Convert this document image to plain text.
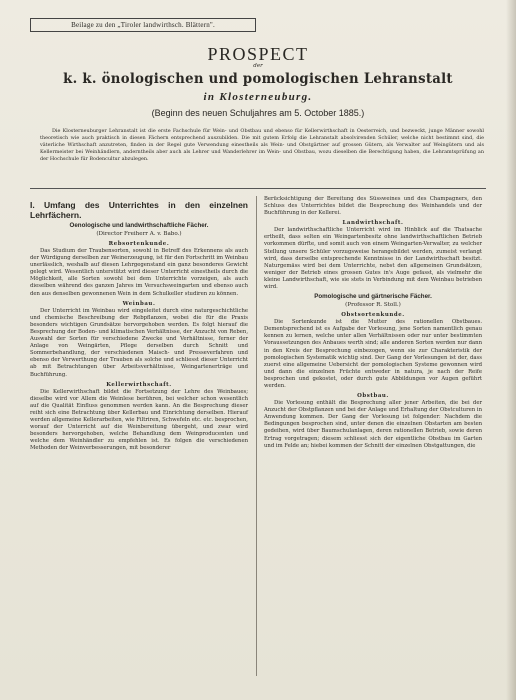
Beilage zu den „Tiroler landwirthsch. Blättern".
PROSPECT
der
k. k. önologischen und pomologischen Lehranstalt
in Klosterneuburg.
(Beginn des neuen Schuljahres am 5. October 1885.)
Die Klosterneuburger Lehranstalt ist die erste Fachschule für Wein- und Obstbau und ebenso für Kellerwirthschaft in Oesterreich, und bezweckt, junge Männer sowohl theoretisch wie auch praktisch in diesen Fächern entsprechend auszubilden. Die mit gutem Erfolg die Lehranstalt absolvirenden Schüler, welche nicht bestimmt sind, die väterliche Wirthschaft anzutreten, finden in der Regel gute Verwendung einestheils als Wein- und Obstgärtner auf grossen Gütern, als Verwalter auf Weingütern und als Kellermeister bei Weinhändlern, anderntheils aber auch als Lehrer und Wanderlehrer im Wein- und Obstbau, wozu dieselben die Berechtigung haben, die Lehramtsprüfung an der Hochschule für Bodencultur abzulegen.
I. Umfang des Unterrichtes in den einzelnen Lehrfächern.
Oenologische und landwirthschaftliche Fächer.
(Director Freiherr A. v. Babo.)
Rebsortenkunde.

Das Studium der Traubensorten, sowohl in Betreff des Erkennens als auch der Würdigung derselben zur Weinerzeugung, ist für den Fortschritt im Weinbau unerlässlich, weshalb auf diesen Lehrgegenstand ein ganz besonderes Gewicht gelegt wird. Wesentlich unterstützt wird dieser Unterricht einestheils durch die Möglichkeit, alle Sorten sowohl bei dem Unterrichte vorzeigen, als auch dieselben während des ganzen Jahres im Versuchsweingarten und ebenso auch den aus denselben gewonnenen Wein in dem Schulkeller studiren zu können.

Weinbau.

Der Unterricht im Weinbau wird eingeleitet durch eine naturgeschichtliche und chemische Beschreibung der Rebpflanzen, wobei die für die Praxis besonders wichtigen Grundsätze hervorgehoben werden. Es folgt hierauf die Besprechung der Boden- und klimatischen Verhältnisse, der Anzucht von Reben, Auswahl der Sorten für verschiedene Zwecke und Verhältnisse, ferner der Anlage von Weingärten, Pflege derselben durch Schnitt und Sommerbehandlung, der verschiedenen Maisch- und Presseverfahren und ebenso der Verwerthung der Trauben als solche und schliesst dieser Unterricht ab mit Betrachtungen über Arbeitsverhältnisse, Weingartenerträge und Buchführung.

Kellerwirthschaft.

Die Kellerwirthschaft bildet die Fortsetzung der Lehre des Weinbaues; dieselbe wird vor Allem die Weinlese berühren, bei welcher schon wesentlich auf die Qualität Einfluss genommen werden kann. An die Besprechung dieser reiht sich eine Betrachtung über Kellerbau und Einrichtung derselben. Hierauf werden allgemeine Kellerarbeiten, wie Filtriren, Schwefeln etc. etc. besprochen, worauf der Unterricht auf die Weinbereitung übergeht, und zwar wird besonders hervorgehoben, welche Behandlung dem Weinproducenten und welche dem Weinhändler zu empfehlen ist. Es folgen die verschiedenen Methoden der Weinverbesserungen, mit besonderer

Berücksichtigung der Bereitung des Süssweines und des Champagners, den Schluss des Unterrichtes bildet die Besprechung des Weinhandels und der Buchführung in der Kellerei.

Landwirthschaft.

Der landwirthschaftliche Unterricht wird im Hinblick auf die Thatsache ertheilt, dass selten ein Weingartenbesitz ohne landwirthschaftlichen Betrieb vorkommen dürfte, und somit auch von einem Weingarten-Verwalter, zu welcher Stellung unsere Schüler vorzugsweise herangebildet werden, zumeist verlangt wird, dass derselbe entsprechende Kenntnisse in der Landwirthschaft besitzt. Naturgemäss wird bei dem Unterrichte, nebst den allgemeinen Grundsätzen, weniger der Betrieb eines grossen Gutes in's Auge gefasst, als vielmehr die kleine Landwirthschaft, wie sie stets in Verbindung mit dem Weinbau betrieben wird.

Pomologische und gärtnerische Fächer.
(Professor R. Stoll.)
Obstsortenkunde.

Die Sortenkunde ist die Mutter des rationellen Obstbaues. Dementsprechend ist es Aufgabe der Vorlesung, jene Sorten namentlich genau kennen zu lernen, welche unter allen Verhältnissen oder nur unter bestimmten Voraussetzungen des Anbaues werth sind; alle anderen Sorten werden nur dann in den Kreis der Besprechung einbezogen, wenn sie zur Charakteristik der pomologischen Systematik wichtig sind. Der Gang der Vorlesungen ist der, dass zuerst eine allgemeine Uebersicht der pomologischen Systeme gewonnen wird und dann die einzelnen Früchte entweder in natura, je nach der Reife besprochen und gekostet, oder durch gute Abbildungen vor Augen geführt werden.

Obstbau.

Die Vorlesung enthält die Besprechung aller jener Arbeiten, die bei der Anzucht der Obstpflanzen und bei der Anlage und Erhaltung der Obstculturen in Anwendung kommen. Der Gang der Vorlesung ist folgender: Nachdem die Bedingungen besprochen sind, unter denen die einzelnen Obstarten am besten gedeihen, wird über Baumschulanlagen, deren rationellen Betrieb, sowie deren Ertrag vorgetragen; diesem schliesst sich der eigentliche Obstbau im Garten und im Felde an; hiebei kommen der Schnitt der einzelnen Obstgattungen, die
